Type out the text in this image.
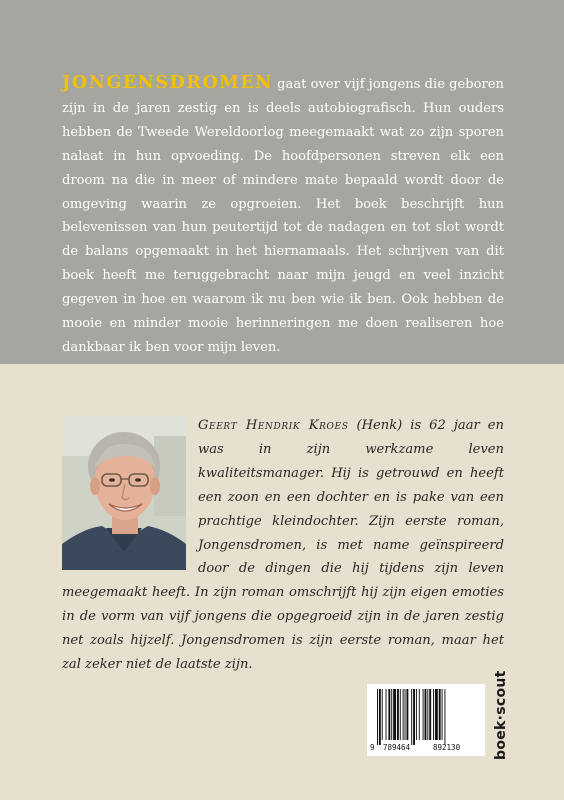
JONGENSDROMEN gaat over vijf jongens die geboren zijn in de jaren zestig en is deels autobiografisch. Hun ouders hebben de Tweede Wereldoorlog meegemaakt wat zo zijn sporen nalaat in hun opvoeding. De hoofdpersonen streven elk een droom na die in meer of mindere mate bepaald wordt door de omgeving waarin ze opgroeien. Het boek beschrijft hun belevenissen van hun peutertijd tot de nadagen en tot slot wordt de balans opgemaakt in het hiernamaals. Het schrijven van dit boek heeft me teruggebracht naar mijn jeugd en veel inzicht gegeven in hoe en waarom ik nu ben wie ik ben. Ook hebben de mooie en minder mooie herinneringen me doen realiseren hoe dankbaar ik ben voor mijn leven.

Geert Hendrik Kroes (Henk) is 62 jaar en was in zijn werkzame leven kwaliteitsmanager. Hij is getrouwd en heeft een zoon en een dochter en is pake van een prachtige kleindochter. Zijn eerste roman, Jongensdromen, is met name geïnspireerd door de dingen die hij tijdens zijn leven meegemaakt heeft. In zijn roman omschrijft hij zijn eigen emoties in de vorm van vijf jongens die opgegroeid zijn in de jaren zestig net zoals hijzelf. Jongensdromen is zijn eerste roman, maar het zal zeker niet de laatste zijn.

9 789464	892130 boek·scout
